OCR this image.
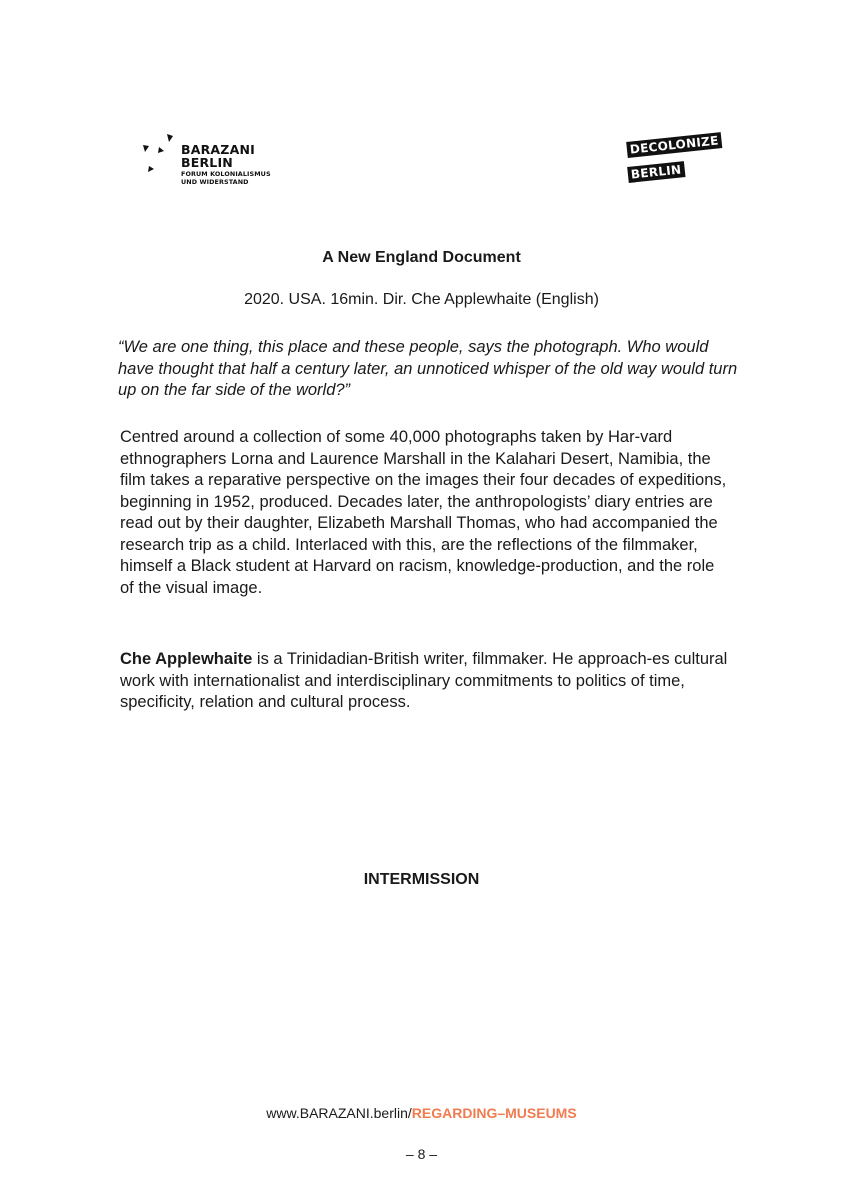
BARAZANI
BERLIN
FORUM KOLONIALISMUS
UND WIDERSTAND
DECOLONIZE
BERLIN
A New England Document
2020. USA. 16min. Dir. Che Applewhaite (English)

“We are one thing, this place and these people, says the photograph. Who would have thought that half a century later, an unnoticed whisper of the old way would turn up on the far side of the world?”

Centred around a collection of some 40,000 photographs taken by Har-vard ethnographers Lorna and Laurence Marshall in the Kalahari Desert, Namibia, the film takes a reparative perspective on the images their four decades of expeditions, beginning in 1952, produced. Decades later, the anthropologists’ diary entries are read out by their daughter, Elizabeth Marshall Thomas, who had accompanied the research trip as a child. Interlaced with this, are the reflections of the filmmaker, himself a Black student at Harvard on racism, knowledge-production, and the role of the visual image.

Che Applewhaite is a Trinidadian-British writer, filmmaker. He approach-es cultural work with internationalist and interdisciplinary commitments to politics of time, specificity, relation and cultural process.

INTERMISSION
www.BARAZANI.berlin/REGARDING–MUSEUMS
– 8 –
